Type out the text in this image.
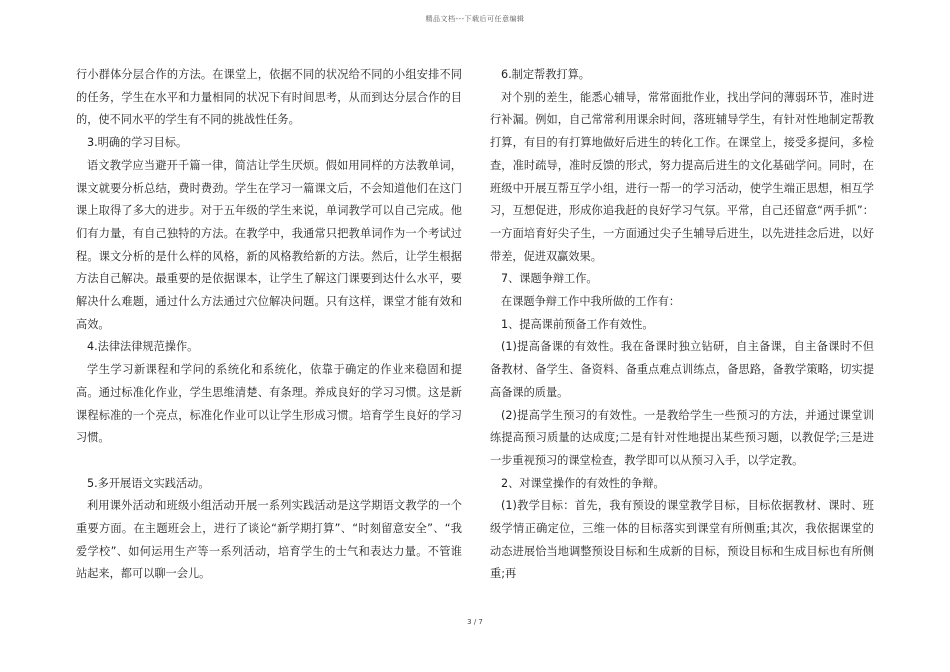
精品文档---下载后可任意编辑

行小群体分层合作的方法。在课堂上，依据不同的状况给不同的小组安排不同的任务，学生在水平和力量相同的状况下有时间思考，从而到达分层合作的目的，使不同水平的学生有不同的挑战性任务。

3.明确的学习目标。

语文教学应当避开千篇一律，简洁让学生厌烦。假如用同样的方法教单词，课文就要分析总结，费时费劲。学生在学习一篇课文后，不会知道他们在这门课上取得了多大的进步。对于五年级的学生来说，单词教学可以自己完成。他们有力量，有自己独特的方法。在教学中，我通常只把教单词作为一个考试过程。课文分析的是什么样的风格，新的风格教给新的方法。然后，让学生根据方法自己解决。最重要的是依据课本，让学生了解这门课要到达什么水平，要解决什么难题，通过什么方法通过穴位解决问题。只有这样，课堂才能有效和高效。

4.法律法律规范操作。

学生学习新课程和学问的系统化和系统化，依靠于确定的作业来稳固和提高。通过标准化作业，学生思维清楚、有条理。养成良好的学习习惯。这是新课程标准的一个亮点，标准化作业可以让学生形成习惯。培育学生良好的学习习惯。

5.多开展语文实践活动。

利用课外活动和班级小组活动开展一系列实践活动是这学期语文教学的一个重要方面。在主题班会上，进行了谈论“新学期打算”、“时刻留意安全”、“我爱学校”、如何运用生产等一系列活动，培育学生的士气和表达力量。不管谁站起来，都可以聊一会儿。

6.制定帮教打算。

对个别的差生，能悉心辅导，常常面批作业，找出学问的薄弱环节，准时进行补漏。例如，自己常常利用课余时间，落班辅导学生，有针对性地制定帮教打算，有目的有打算地做好后进生的转化工作。在课堂上，接受多提问，多检查，准时疏导，准时反馈的形式，努力提高后进生的文化基础学问。同时，在班级中开展互帮互学小组，进行一帮一的学习活动，使学生端正思想，相互学习，互想促进，形成你追我赶的良好学习气氛。平常，自己还留意“两手抓”：一方面培育好尖子生，一方面通过尖子生辅导后进生，以先进挂念后进，以好带差，促进双赢效果。

7、课题争辩工作。

在课题争辩工作中我所做的工作有：

1、提高课前预备工作有效性。

(1)提高备课的有效性。我在备课时独立钻研，自主备课，自主备课时不但备教材、备学生、备资料、备重点难点训练点，备思路，备教学策略，切实提高备课的质量。

(2)提高学生预习的有效性。一是教给学生一些预习的方法，并通过课堂训练提高预习质量的达成度;二是有针对性地提出某些预习题，以教促学;三是进一步重视预习的课堂检查，教学即可以从预习入手，以学定教。

2、对课堂操作的有效性的争辩。

(1)教学目标：首先，我有预设的课堂教学目标，目标依据教材、课时、班级学情正确定位，三维一体的目标落实到课堂有所侧重;其次，我依据课堂的动态进展恰当地调整预设目标和生成新的目标，预设目标和生成目标也有所侧重;再

3 / 7
